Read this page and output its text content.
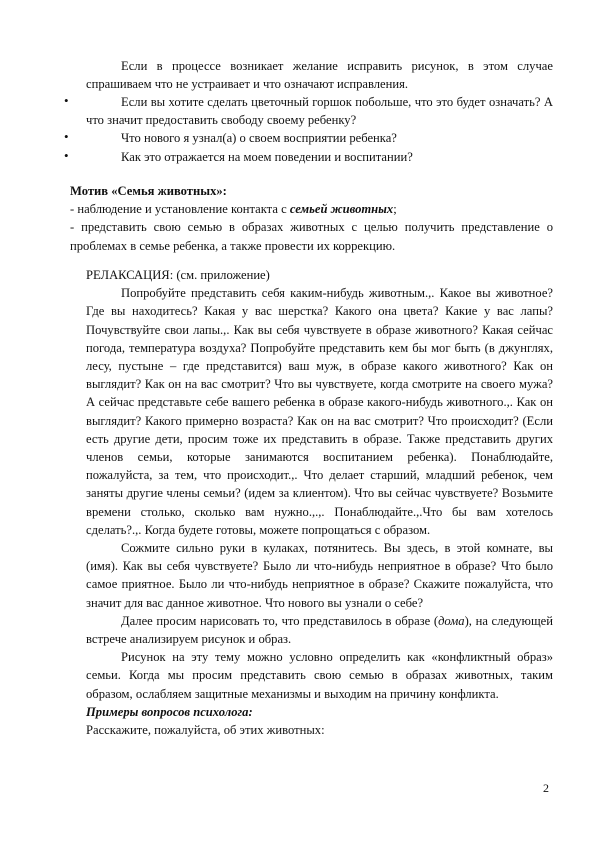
Если в процессе возникает желание исправить рисунок, в этом случае спрашиваем что не устраивает и что означают исправления.

•	Если вы хотите сделать цветочный горшок побольше, что это будет означать? А что значит предоставить свободу своему ребенку?

•	Что нового я узнал(а) о своем восприятии ребенка?

•	Как это отражается на моем поведении и воспитании?

Мотив «Семья животных»:

- наблюдение и установление контакта с семьей животных;

- представить свою семью в образах животных с целью получить представление о проблемах в семье ребенка, а также провести их коррекцию.

РЕЛАКСАЦИЯ: (см. приложение)

Попробуйте представить себя каким-нибудь животным.,. Какое вы животное? Где вы находитесь? Какая у вас шерстка? Какого она цвета? Какие у вас лапы? Почувствуйте свои лапы.,. Как вы себя чувствуете в образе животного? Какая сейчас погода, температура воздуха? Попробуйте представить кем бы мог быть (в джунглях, лесу, пустыне – где представится) ваш муж, в образе какого животного? Как он выглядит? Как он на вас смотрит? Что вы чувствуете, когда смотрите на своего мужа? А сейчас представьте себе вашего ребенка в образе какого-нибудь животного.,. Как он выглядит? Какого примерно возраста? Как он на вас смотрит? Что происходит? (Если есть другие дети, просим тоже их представить в образе. Также представить других членов семьи, которые занимаются воспитанием ребенка). Понаблюдайте, пожалуйста, за тем, что происходит.,. Что делает старший, младший ребенок, чем заняты другие члены семьи? (идем за клиентом). Что вы сейчас чувствуете? Возьмите времени столько, сколько вам нужно.,.,. Понаблюдайте.,.Что бы вам хотелось сделать?.,. Когда будете готовы, можете попрощаться с образом.

Сожмите сильно руки в кулаках, потянитесь. Вы здесь, в этой комнате, вы (имя). Как вы себя чувствуете? Было ли что-нибудь неприятное в образе? Что было самое приятное. Было ли что-нибудь неприятное в образе? Скажите пожалуйста, что значит для вас данное животное. Что нового вы узнали о себе?

Далее просим нарисовать то, что представилось в образе (дома), на следующей встрече анализируем рисунок и образ.

Рисунок на эту тему можно условно определить как «конфликтный образ» семьи. Когда мы просим представить свою семью в образах животных, таким образом, ослабляем защитные механизмы и выходим на причину конфликта.

Примеры вопросов психолога:

Расскажите, пожалуйста, об этих животных:

2
